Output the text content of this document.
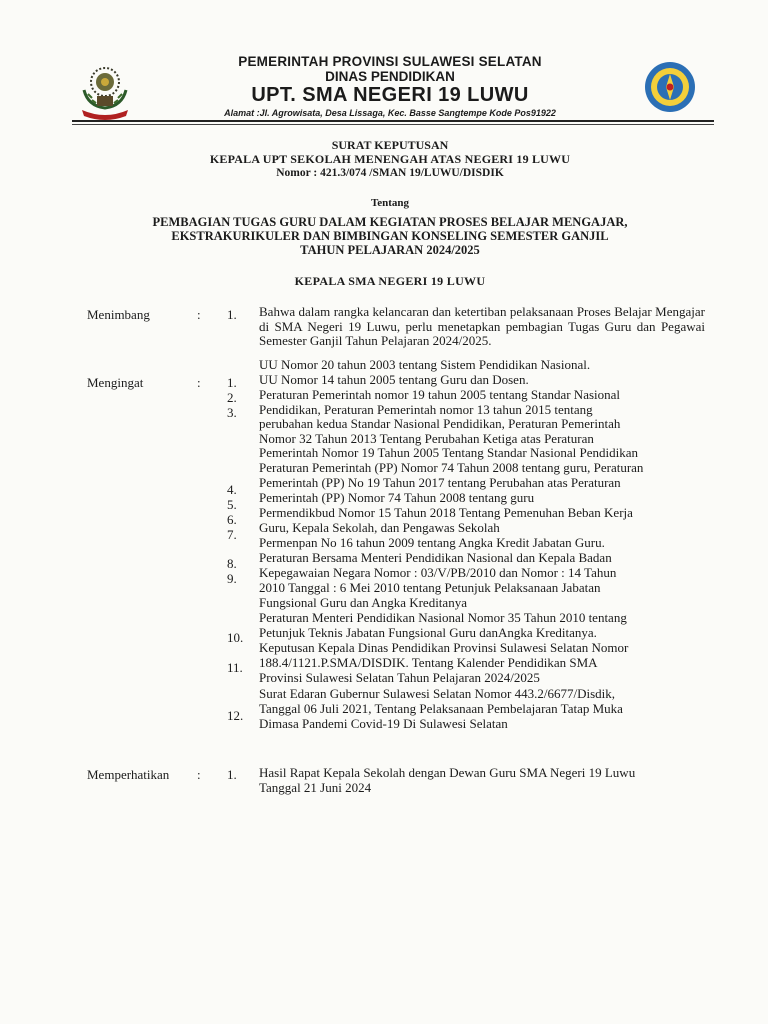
PEMERINTAH PROVINSI SULAWESI SELATAN
DINAS PENDIDIKAN
UPT. SMA NEGERI 19 LUWU
Alamat :Jl. Agrowisata, Desa Lissaga, Kec. Basse Sangtempe Kode Pos91922
SURAT KEPUTUSAN
KEPALA UPT SEKOLAH MENENGAH ATAS NEGERI 19 LUWU
Nomor : 421.3/074 /SMAN 19/LUWU/DISDIK
Tentang
PEMBAGIAN TUGAS GURU DALAM KEGIATAN PROSES BELAJAR MENGAJAR,
EKSTRAKURIKULER DAN BIMBINGAN KONSELING SEMESTER GANJIL
TAHUN PELAJARAN 2024/2025
KEPALA SMA NEGERI 19 LUWU
Menimbang	: 1. Bahwa dalam rangka kelancaran dan ketertiban pelaksanaan Proses Belajar Mengajar di SMA Negeri 19 Luwu, perlu menetapkan pembagian Tugas Guru dan Pegawai Semester Ganjil Tahun Pelajaran 2024/2025.
Mengingat	: 1.
2.
3.
4.
5.
6.
7.
8.
9.
10.
11.
12.
UU Nomor 20 tahun 2003 tentang Sistem Pendidikan Nasional.
UU Nomor 14 tahun 2005 tentang Guru dan Dosen.
Peraturan Pemerintah nomor 19 tahun 2005 tentang Standar Nasional
Pendidikan, Peraturan Pemerintah nomor 13 tahun 2015 tentang
perubahan kedua Standar Nasional Pendidikan, Peraturan Pemerintah
Nomor 32 Tahun 2013 Tentang Perubahan Ketiga atas Peraturan
Pemerintah Nomor 19 Tahun 2005 Tentang Standar Nasional Pendidikan
Peraturan Pemerintah (PP) Nomor 74 Tahun 2008 tentang guru, Peraturan
Pemerintah (PP) No 19 Tahun 2017 tentang Perubahan atas Peraturan
Pemerintah (PP) Nomor 74 Tahun 2008 tentang guru
Permendikbud Nomor 15 Tahun 2018 Tentang Pemenuhan Beban Kerja
Guru, Kepala Sekolah, dan Pengawas Sekolah
Permenpan No 16 tahun 2009 tentang Angka Kredit Jabatan Guru.
Peraturan Bersama Menteri Pendidikan Nasional dan Kepala Badan
Kepegawaian Negara Nomor : 03/V/PB/2010 dan Nomor : 14 Tahun
2010 Tanggal : 6 Mei 2010 tentang Petunjuk Pelaksanaan Jabatan
Fungsional Guru dan Angka Kreditanya
Peraturan Menteri Pendidikan Nasional Nomor 35 Tahun 2010 tentang
Petunjuk Teknis Jabatan Fungsional Guru danAngka Kreditanya.
Keputusan Kepala Dinas Pendidikan Provinsi Sulawesi Selatan Nomor
188.4/1121.P.SMA/DISDIK. Tentang Kalender Pendidikan SMA
Provinsi Sulawesi Selatan Tahun Pelajaran 2024/2025
Surat Edaran Gubernur Sulawesi Selatan Nomor 443.2/6677/Disdik,
Tanggal 06 Juli 2021, Tentang Pelaksanaan Pembelajaran Tatap Muka
Dimasa Pandemi Covid-19 Di Sulawesi Selatan
Memperhatikan : 1. Hasil Rapat Kepala Sekolah dengan Dewan Guru SMA Negeri 19 Luwu
Tanggal 21 Juni 2024
